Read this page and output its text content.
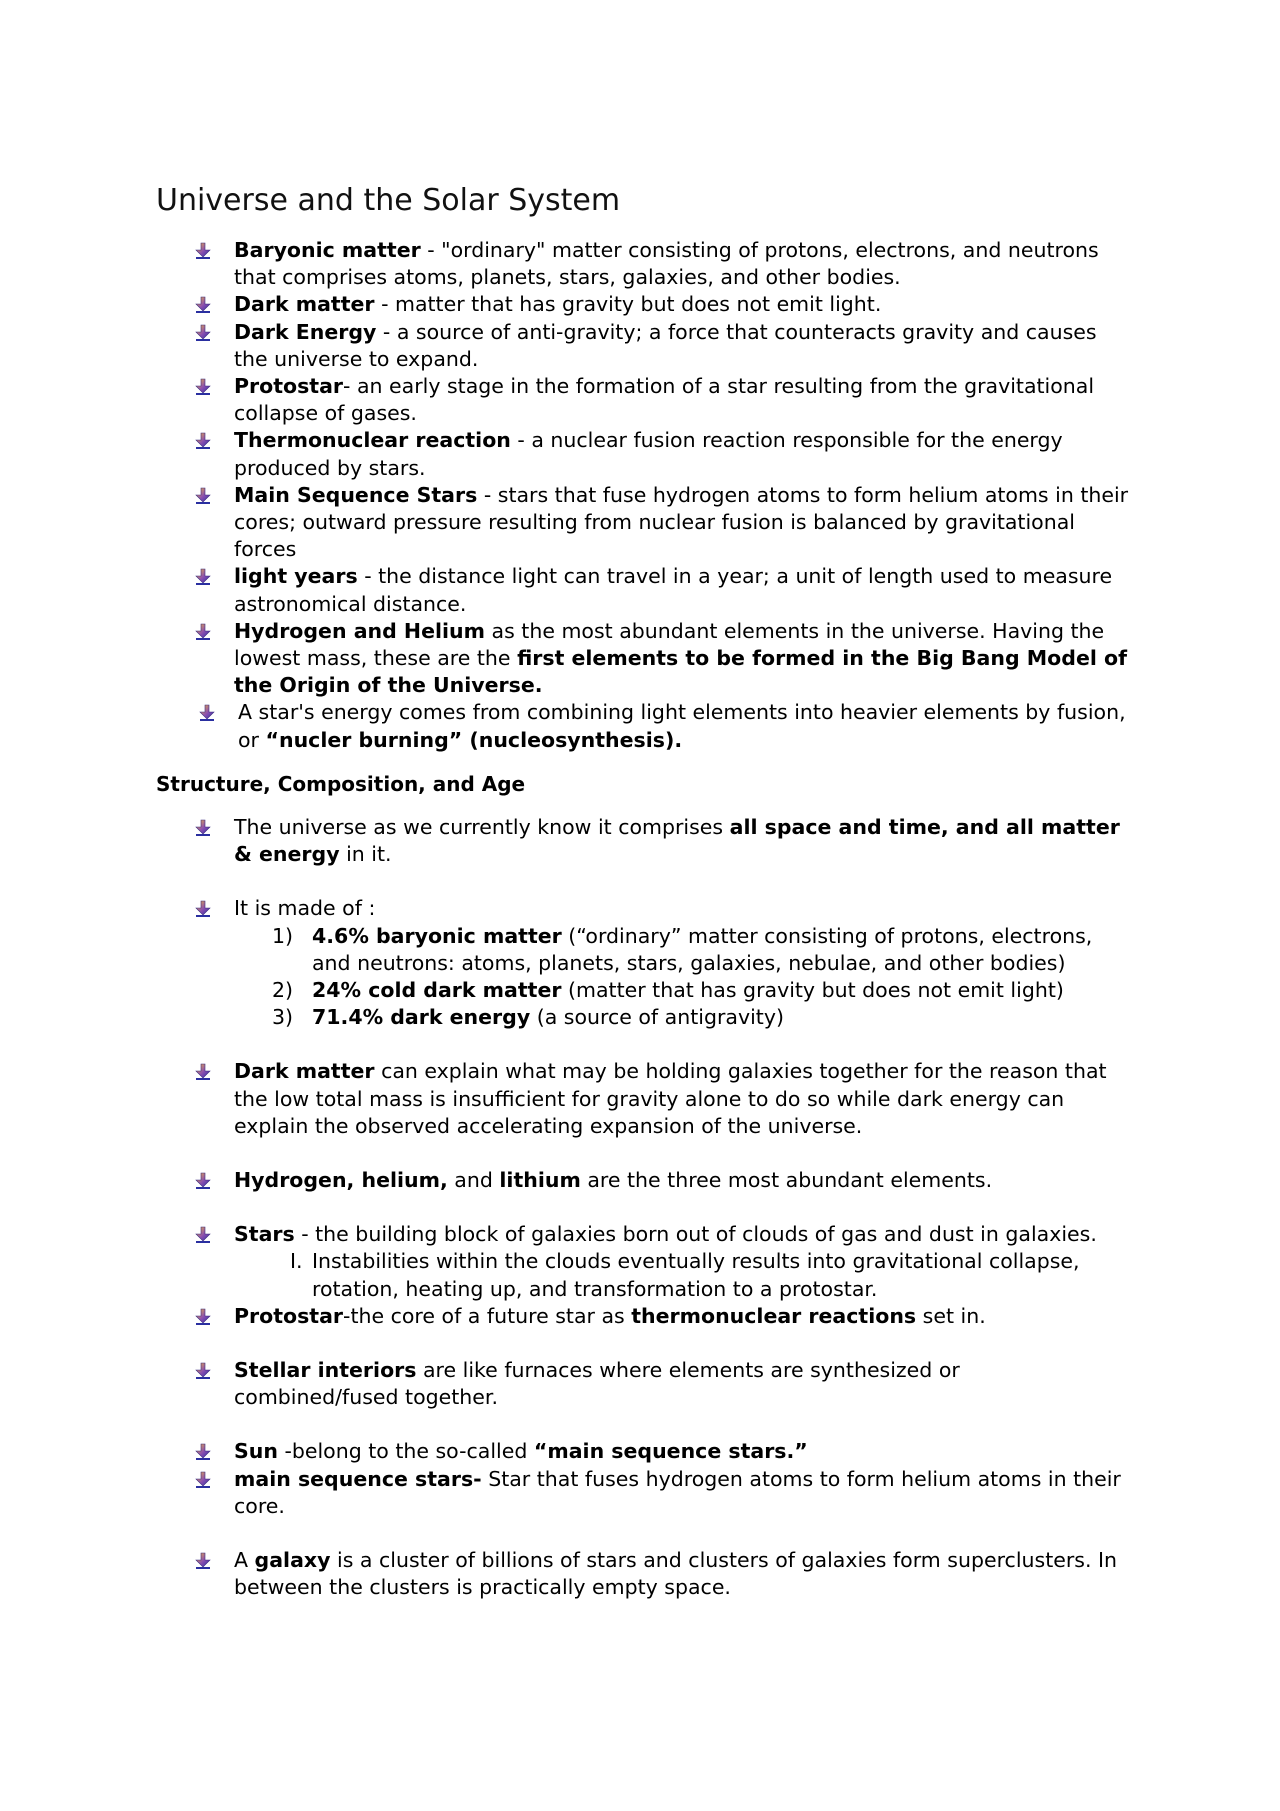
Universe and the Solar System
Baryonic matter - "ordinary" matter consisting of protons, electrons, and neutrons that comprises atoms, planets, stars, galaxies, and other bodies.
Dark matter - matter that has gravity but does not emit light.
Dark Energy - a source of anti-gravity; a force that counteracts gravity and causes the universe to expand.
Protostar- an early stage in the formation of a star resulting from the gravitational collapse of gases.
Thermonuclear reaction - a nuclear fusion reaction responsible for the energy produced by stars.
Main Sequence Stars - stars that fuse hydrogen atoms to form helium atoms in their cores; outward pressure resulting from nuclear fusion is balanced by gravitational forces
light years - the distance light can travel in a year; a unit of length used to measure astronomical distance.
Hydrogen and Helium as the most abundant elements in the universe. Having the lowest mass, these are the first elements to be formed in the Big Bang Model of the Origin of the Universe.
A star's energy comes from combining light elements into heavier elements by fusion, or “nucler burning” (nucleosynthesis).
Structure, Composition, and Age
The universe as we currently know it comprises all space and time, and all matter & energy in it.
It is made of :
1) 4.6% baryonic matter (“ordinary” matter consisting of protons, electrons, and neutrons: atoms, planets, stars, galaxies, nebulae, and other bodies)
2) 24% cold dark matter (matter that has gravity but does not emit light)
3) 71.4% dark energy (a source of antigravity)
Dark matter can explain what may be holding galaxies together for the reason that the low total mass is insufficient for gravity alone to do so while dark energy can explain the observed accelerating expansion of the universe.
Hydrogen, helium, and lithium are the three most abundant elements.
Stars - the building block of galaxies born out of clouds of gas and dust in galaxies.
I. Instabilities within the clouds eventually results into gravitational collapse, rotation, heating up, and transformation to a protostar.
Protostar-the core of a future star as thermonuclear reactions set in.
Stellar interiors are like furnaces where elements are synthesized or combined/fused together.
Sun -belong to the so-called “main sequence stars.”
main sequence stars- Star that fuses hydrogen atoms to form helium atoms in their core.
A galaxy is a cluster of billions of stars and clusters of galaxies form superclusters. In between the clusters is practically empty space.
